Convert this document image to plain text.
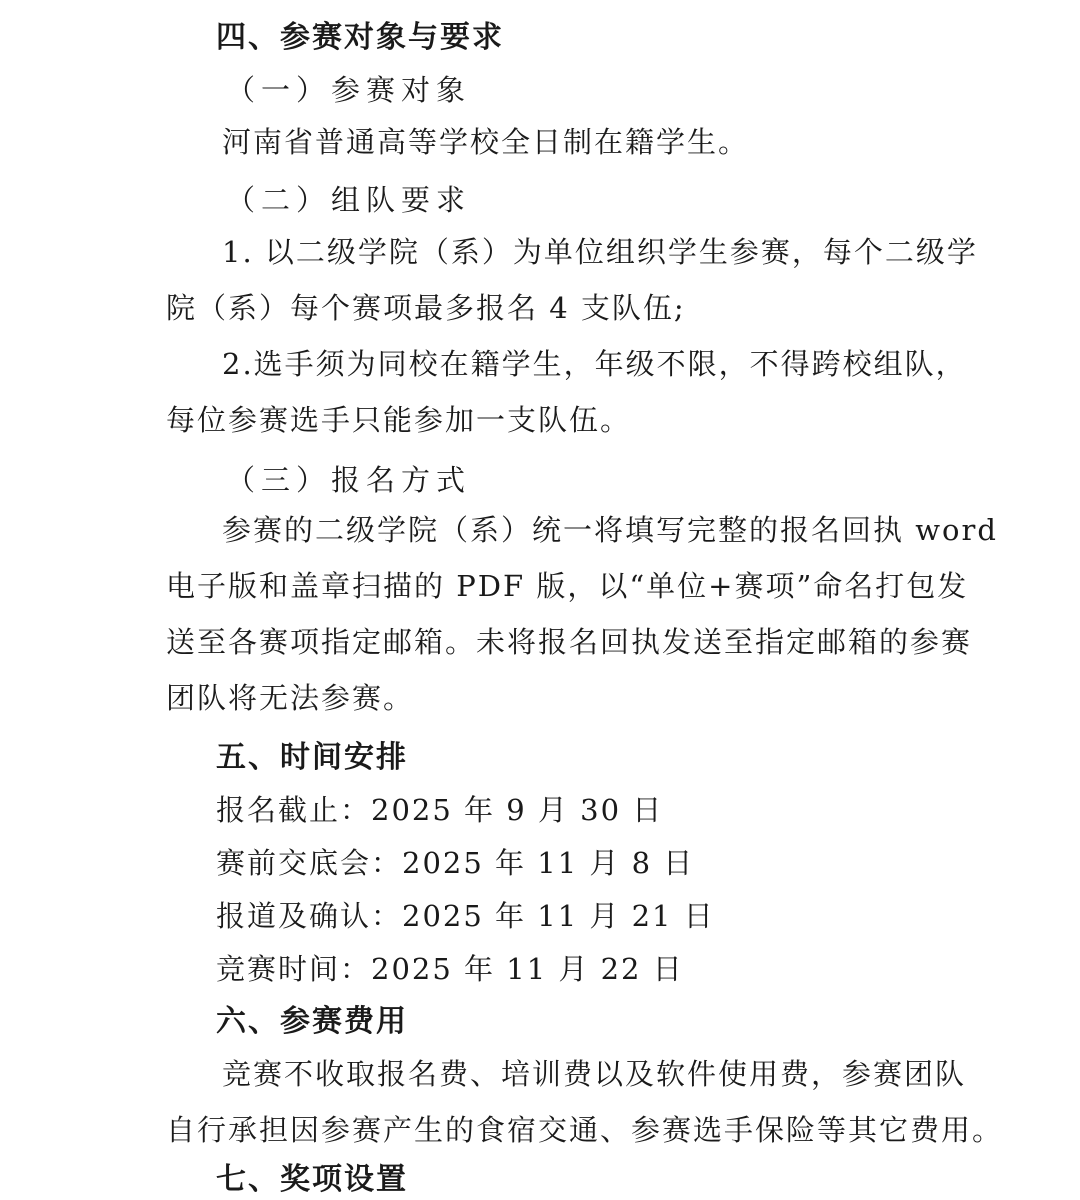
四、参赛对象与要求
（一）参赛对象
河南省普通高等学校全日制在籍学生。
（二）组队要求
1. 以二级学院（系）为单位组织学生参赛，每个二级学
院（系）每个赛项最多报名 4 支队伍;
2.选手须为同校在籍学生，年级不限，不得跨校组队，
每位参赛选手只能参加一支队伍。
（三）报名方式
参赛的二级学院（系）统一将填写完整的报名回执 word
电子版和盖章扫描的 PDF 版，以“单位+赛项”命名打包发
送至各赛项指定邮箱。未将报名回执发送至指定邮箱的参赛
团队将无法参赛。
五、时间安排
报名截止：2025 年 9 月 30 日
赛前交底会：2025 年 11 月 8 日
报道及确认：2025 年 11 月 21 日
竞赛时间：2025 年 11 月 22 日
六、参赛费用
竞赛不收取报名费、培训费以及软件使用费，参赛团队
自行承担因参赛产生的食宿交通、参赛选手保险等其它费用。
七、奖项设置
